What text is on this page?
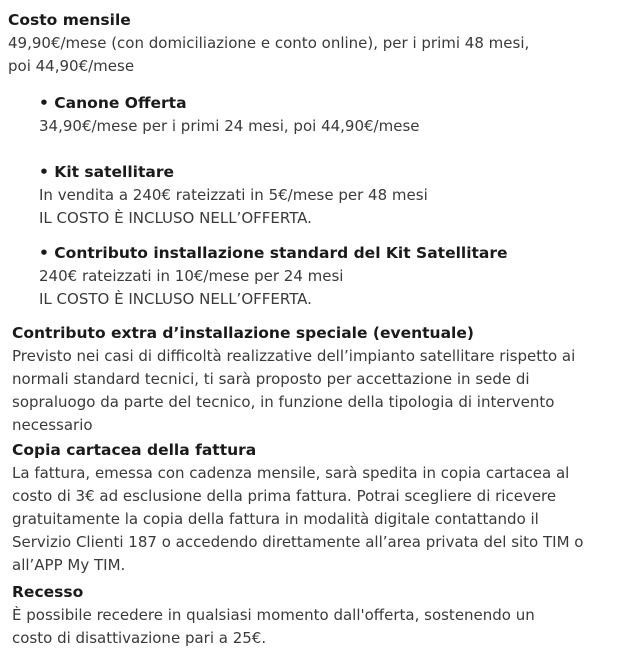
Costo mensile
49,90€/mese (con domiciliazione e conto online), per i primi 48 mesi,
poi 44,90€/mese
• Canone Offerta
34,90€/mese per i primi 24 mesi, poi 44,90€/mese
• Kit satellitare
In vendita a 240€ rateizzati in 5€/mese per 48 mesi
IL COSTO È INCLUSO NELL’OFFERTA.
• Contributo installazione standard del Kit Satellitare
240€ rateizzati in 10€/mese per 24 mesi
IL COSTO È INCLUSO NELL’OFFERTA.
Contributo extra d’installazione speciale (eventuale)
Previsto nei casi di difficoltà realizzative dell’impianto satellitare rispetto ai
normali standard tecnici, ti sarà proposto per accettazione in sede di
sopraluogo da parte del tecnico, in funzione della tipologia di intervento
necessario
Copia cartacea della fattura
La fattura, emessa con cadenza mensile, sarà spedita in copia cartacea al
costo di 3€ ad esclusione della prima fattura. Potrai scegliere di ricevere
gratuitamente la copia della fattura in modalità digitale contattando il
Servizio Clienti 187 o accedendo direttamente all’area privata del sito TIM o
all’APP My TIM.
Recesso
È possibile recedere in qualsiasi momento dall'offerta, sostenendo un
costo di disattivazione pari a 25€.
